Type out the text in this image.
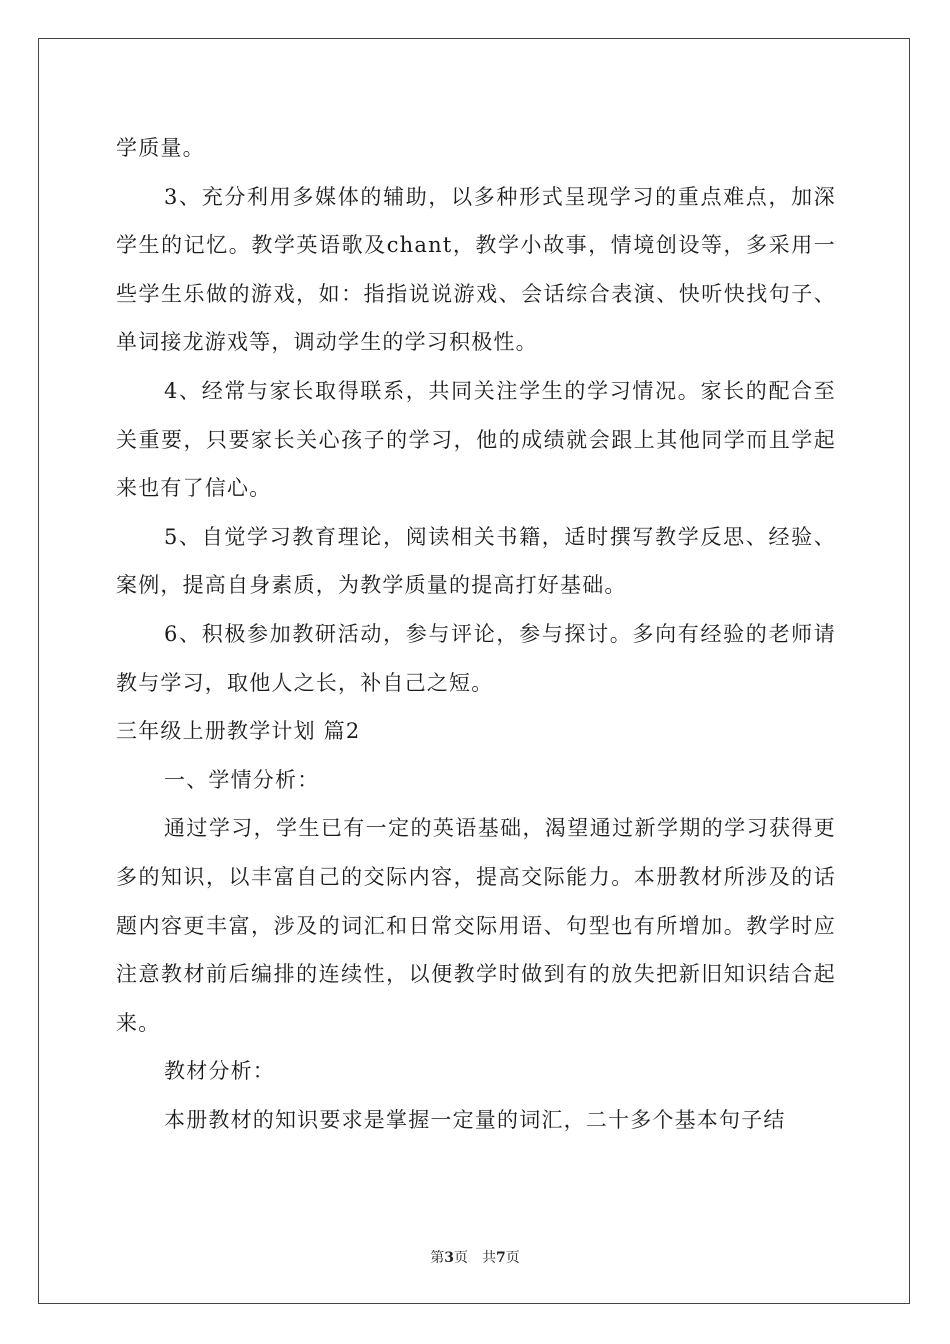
学质量。

3、充分利用多媒体的辅助，以多种形式呈现学习的重点难点，加深学生的记忆。教学英语歌及chant，教学小故事，情境创设等，多采用一些学生乐做的游戏，如：指指说说游戏、会话综合表演、快听快找句子、单词接龙游戏等，调动学生的学习积极性。

4、经常与家长取得联系，共同关注学生的学习情况。家长的配合至关重要，只要家长关心孩子的学习，他的成绩就会跟上其他同学而且学起来也有了信心。

5、自觉学习教育理论，阅读相关书籍，适时撰写教学反思、经验、案例，提高自身素质，为教学质量的提高打好基础。

6、积极参加教研活动，参与评论，参与探讨。多向有经验的老师请教与学习，取他人之长，补自己之短。

三年级上册教学计划 篇2

一、学情分析：

通过学习，学生已有一定的英语基础，渴望通过新学期的学习获得更多的知识，以丰富自己的交际内容，提高交际能力。本册教材所涉及的话题内容更丰富，涉及的词汇和日常交际用语、句型也有所增加。教学时应注意教材前后编排的连续性，以便教学时做到有的放失把新旧知识结合起来。

教材分析：

本册教材的知识要求是掌握一定量的词汇，二十多个基本句子结

第3页　共7页
